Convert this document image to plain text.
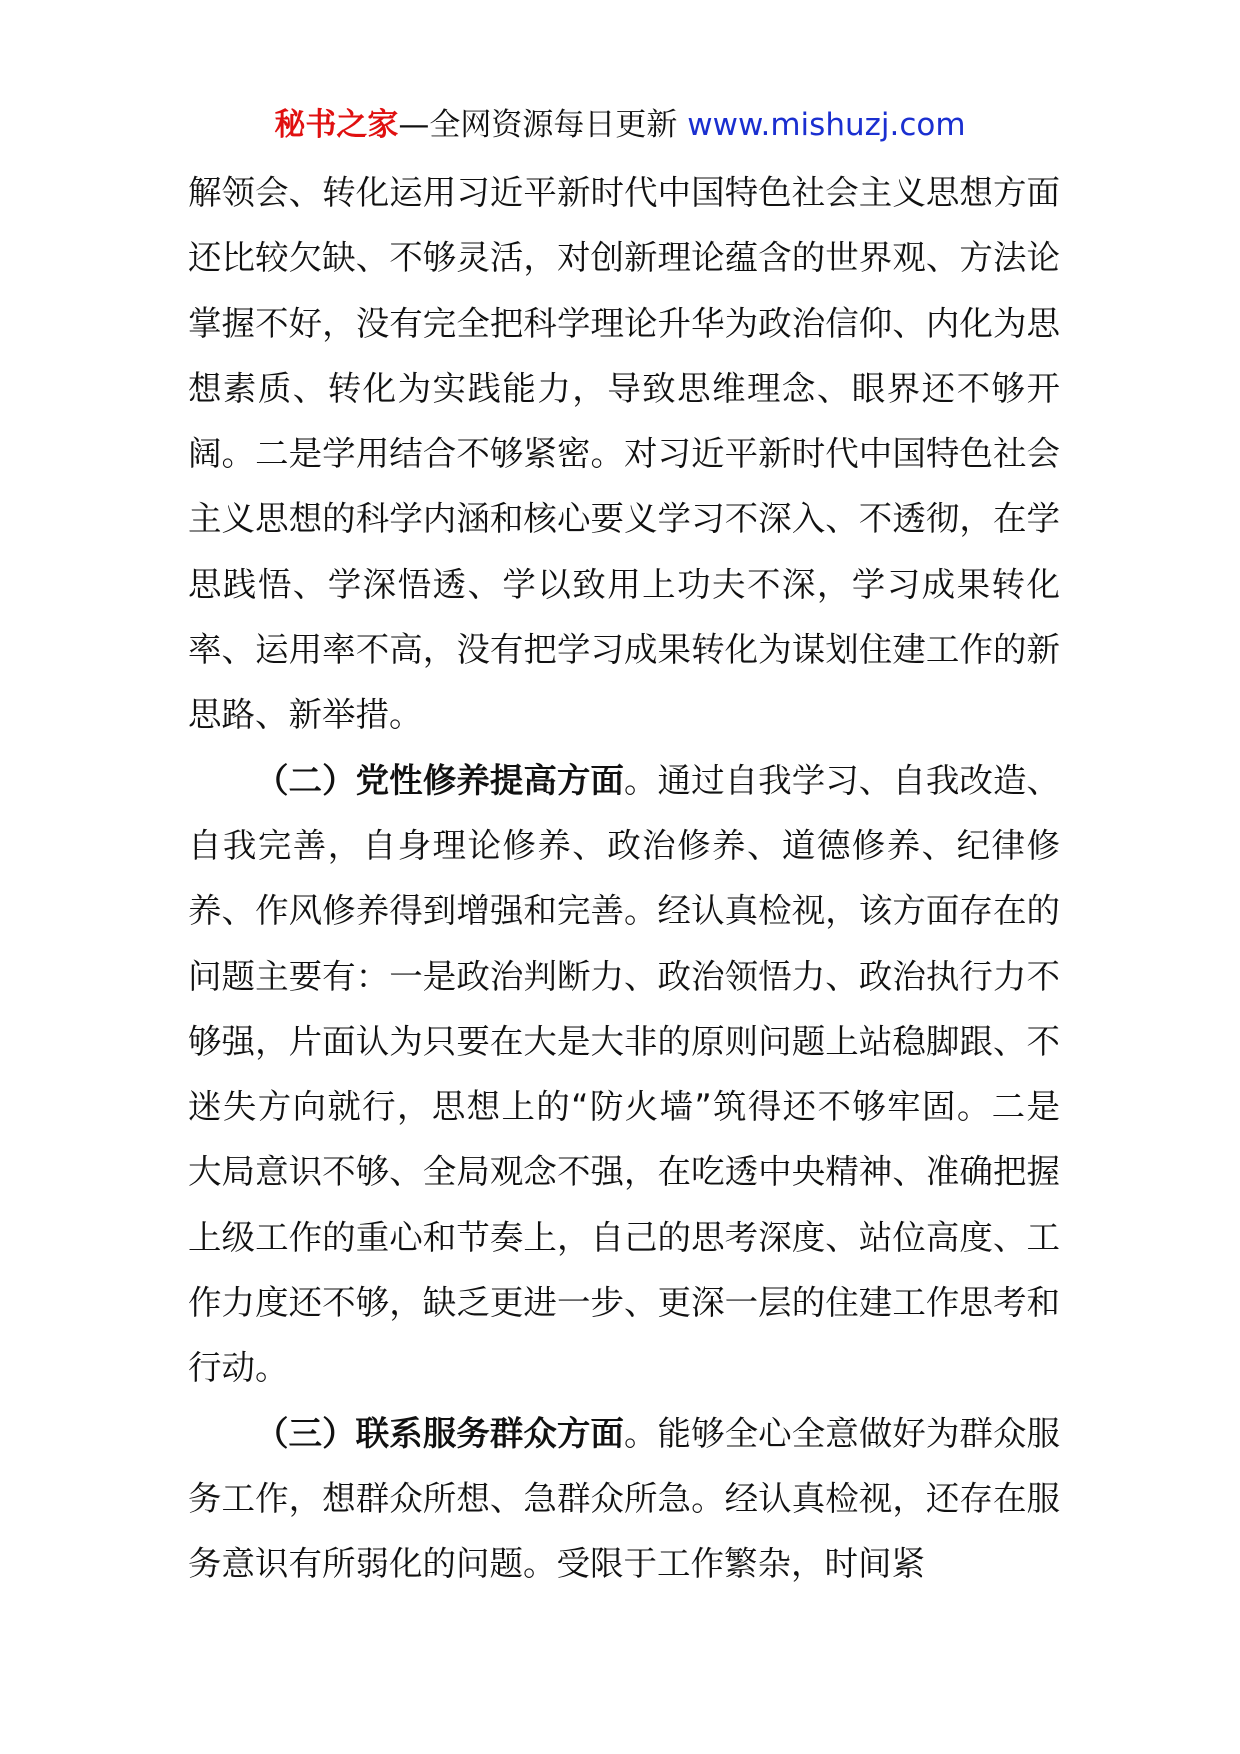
秘书之家—全网资源每日更新 www.mishuzj.com

解领会、转化运用习近平新时代中国特色社会主义思想方面还比较欠缺、不够灵活，对创新理论蕴含的世界观、方法论掌握不好，没有完全把科学理论升华为政治信仰、内化为思想素质、转化为实践能力，导致思维理念、眼界还不够开阔。二是学用结合不够紧密。对习近平新时代中国特色社会主义思想的科学内涵和核心要义学习不深入、不透彻，在学思践悟、学深悟透、学以致用上功夫不深，学习成果转化率、运用率不高，没有把学习成果转化为谋划住建工作的新思路、新举措。

（二）党性修养提高方面。通过自我学习、自我改造、自我完善，自身理论修养、政治修养、道德修养、纪律修养、作风修养得到增强和完善。经认真检视，该方面存在的问题主要有：一是政治判断力、政治领悟力、政治执行力不够强，片面认为只要在大是大非的原则问题上站稳脚跟、不迷失方向就行，思想上的“防火墙”筑得还不够牢固。二是大局意识不够、全局观念不强，在吃透中央精神、准确把握上级工作的重心和节奏上，自己的思考深度、站位高度、工作力度还不够，缺乏更进一步、更深一层的住建工作思考和行动。

（三）联系服务群众方面。能够全心全意做好为群众服务工作，想群众所想、急群众所急。经认真检视，还存在服务意识有所弱化的问题。受限于工作繁杂，时间紧
